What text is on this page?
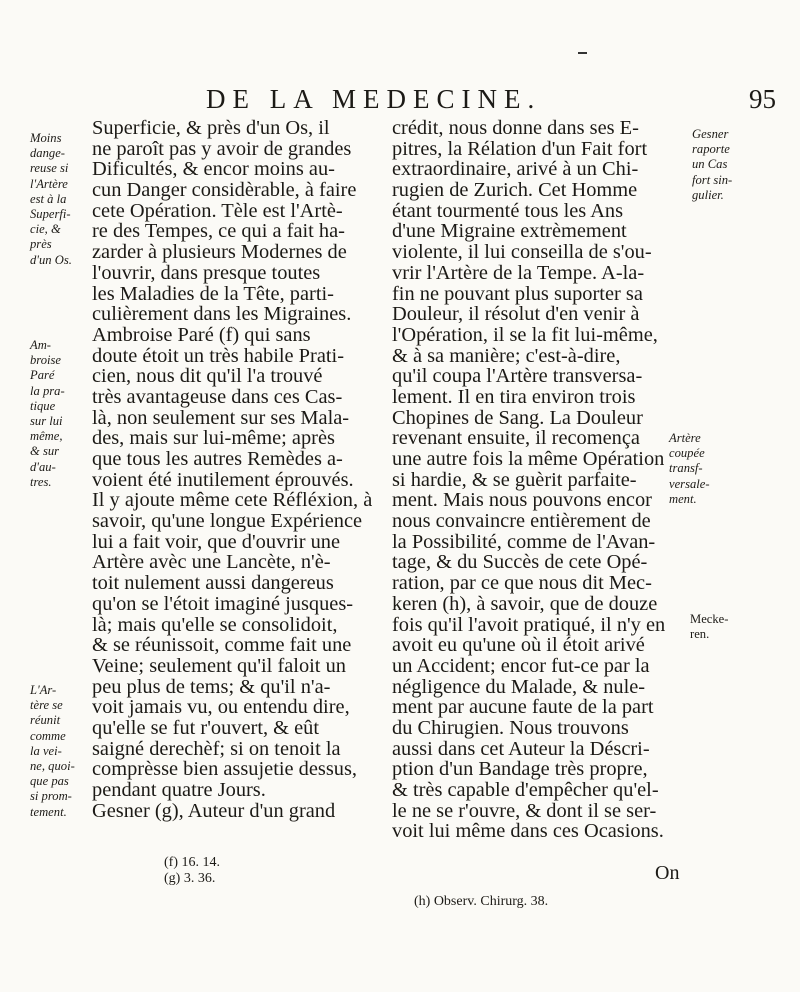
DE LA MEDECINE.	95
Superficie, & près d'un Os, il
ne paroît pas y avoir de grandes
Dificultés, & encor moins au-
cun Danger considèrable, à faire
cete Opération. Tèle est l'Artè-
re des Tempes, ce qui a fait ha-
zarder à plusieurs Modernes de
l'ouvrir, dans presque toutes
les Maladies de la Tête, parti-
culièrement dans les Migraines.
Ambroise Paré (f) qui sans
doute étoit un très habile Prati-
cien, nous dit qu'il l'a trouvé
très avantageuse dans ces Cas-
là, non seulement sur ses Mala-
des, mais sur lui-même; après
que tous les autres Remèdes a-
voient été inutilement éprouvés.
Il y ajoute même cete Réfléxion, à
savoir, qu'une longue Expérience
lui a fait voir, que d'ouvrir une
Artère avèc une Lancète, n'è-
toit nulement aussi dangereus
qu'on se l'étoit imaginé jusques-
là; mais qu'elle se consolidoit,
& se réunissoit, comme fait une
Veine; seulement qu'il faloit un
peu plus de tems; & qu'il n'a-
voit jamais vu, ou entendu dire,
qu'elle se fut r'ouvert, & eût
saigné derechèf; si on tenoit la
comprèsse bien assujetie dessus,
pendant quatre Jours.
Gesner (g), Auteur d'un grand
crédit, nous donne dans ses E-
pitres, la Rélation d'un Fait fort
extraordinaire, arivé à un Chi-
rugien de Zurich. Cet Homme
étant tourmenté tous les Ans
d'une Migraine extrèmement
violente, il lui conseilla de s'ou-
vrir l'Artère de la Tempe. A-la-
fin ne pouvant plus suporter sa
Douleur, il résolut d'en venir à
l'Opération, il se la fit lui-même,
& à sa manière; c'est-à-dire,
qu'il coupa l'Artère transversa-
lement. Il en tira environ trois
Chopines de Sang. La Douleur
revenant ensuite, il recomença
une autre fois la même Opération
si hardie, & se guèrit parfaite-
ment. Mais nous pouvons encor
nous convaincre entièrement de
la Possibilité, comme de l'Avan-
tage, & du Succès de cete Opé-
ration, par ce que nous dit Mec-
keren (h), à savoir, que de douze
fois qu'il l'avoit pratiqué, il n'y en
avoit eu qu'une où il étoit arivé
un Accident; encor fut-ce par la
négligence du Malade, & nule-
ment par aucune faute de la part
du Chirugien. Nous trouvons
aussi dans cet Auteur la Déscri-
ption d'un Bandage très propre,
& très capable d'empêcher qu'el-
le ne se r'ouvre, & dont il se ser-
voit lui même dans ces Ocasions.
(f) 16. 14.
(g) 3. 36.
(h) Observ. Chirurg. 38.
On
Moins
dange-
reuse si
l'Artère
est à la
Superfi-
cie, &
près
d'un Os.
Am-
broise
Paré
la pra-
tique
sur lui
même,
& sur
d'au-
tres.
L'Ar-
tère se
réunit
comme
la vei-
ne, quoi-
que pas
si prom-
tement.
Gesner
raporte
un Cas
fort sin-
gulier.
Artère
coupée
transf-
versale-
ment.
Mecke-
ren.
